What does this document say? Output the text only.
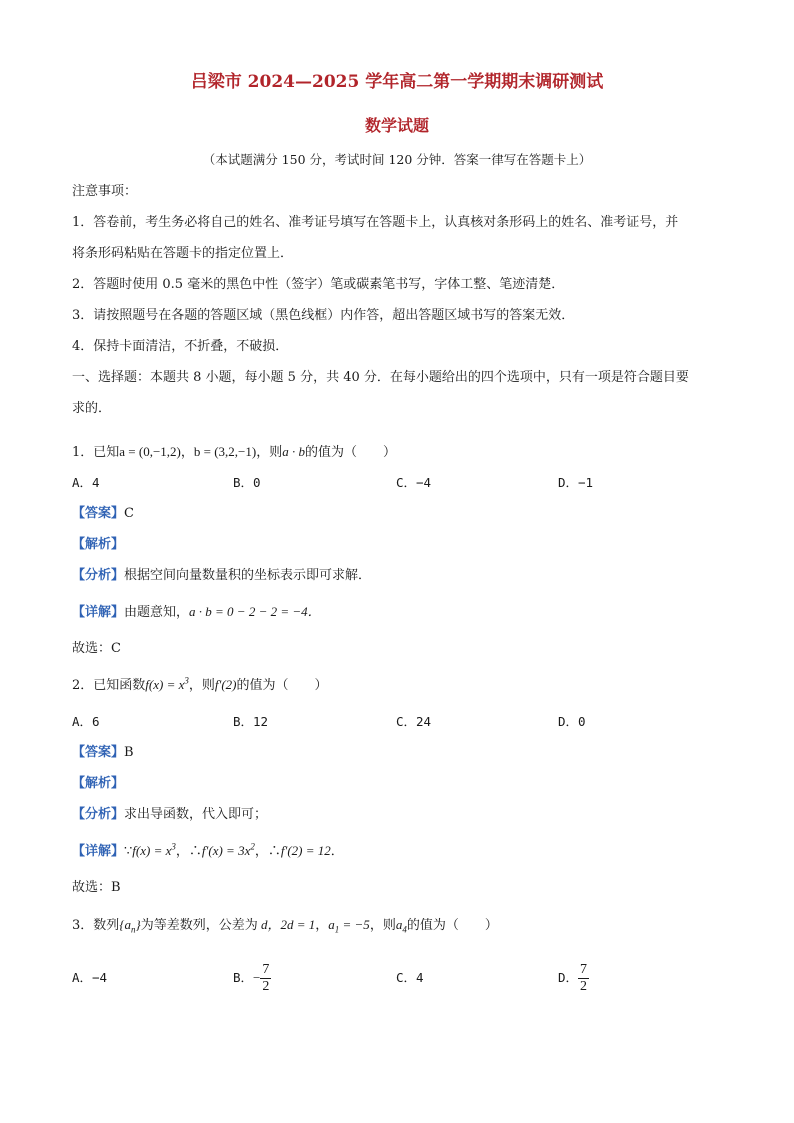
吕梁市 2024—2025 学年高二第一学期期末调研测试
数学试题
（本试题满分 150 分，考试时间 120 分钟．答案一律写在答题卡上）
注意事项：
1．答卷前，考生务必将自己的姓名、准考证号填写在答题卡上，认真核对条形码上的姓名、准考证号，并
将条形码粘贴在答题卡的指定位置上．
2．答题时使用 0.5 毫米的黑色中性（签字）笔或碳素笔书写，字体工整、笔迹清楚．
3．请按照题号在各题的答题区域（黑色线框）内作答，超出答题区域书写的答案无效．
4．保持卡面清洁，不折叠，不破损．
一、选择题：本题共 8 小题，每小题 5 分，共 40 分．在每小题给出的四个选项中，只有一项是符合题目要
求的．
1．已知a = (0,−1,2)，b = (3,2,−1)，则a · b的值为（　　）
A．4	B．0	C．−4	D．−1
【答案】C
【解析】
【分析】根据空间向量数量积的坐标表示即可求解．
【详解】由题意知，a · b = 0 − 2 − 2 = −4．
故选：C
2．已知函数$f(x) = x^3$，则f′(2)的值为（　　）
A．6	B．12	C．24	D．0
【答案】B
【解析】
【分析】求出导函数，代入即可；
【详解】∵f(x) = $x^3$，∴f′(x) = $3x^2$，∴f′(2) = 12．
故选：B
3．数列$\{a_n\}$为等差数列，公差为 d，2d = 1，$a_1 = -5$，则$a_4$的值为（　　）
A．−4	B．− $\frac{7}{2}$	C．4	D． $\frac{7}{2}$
